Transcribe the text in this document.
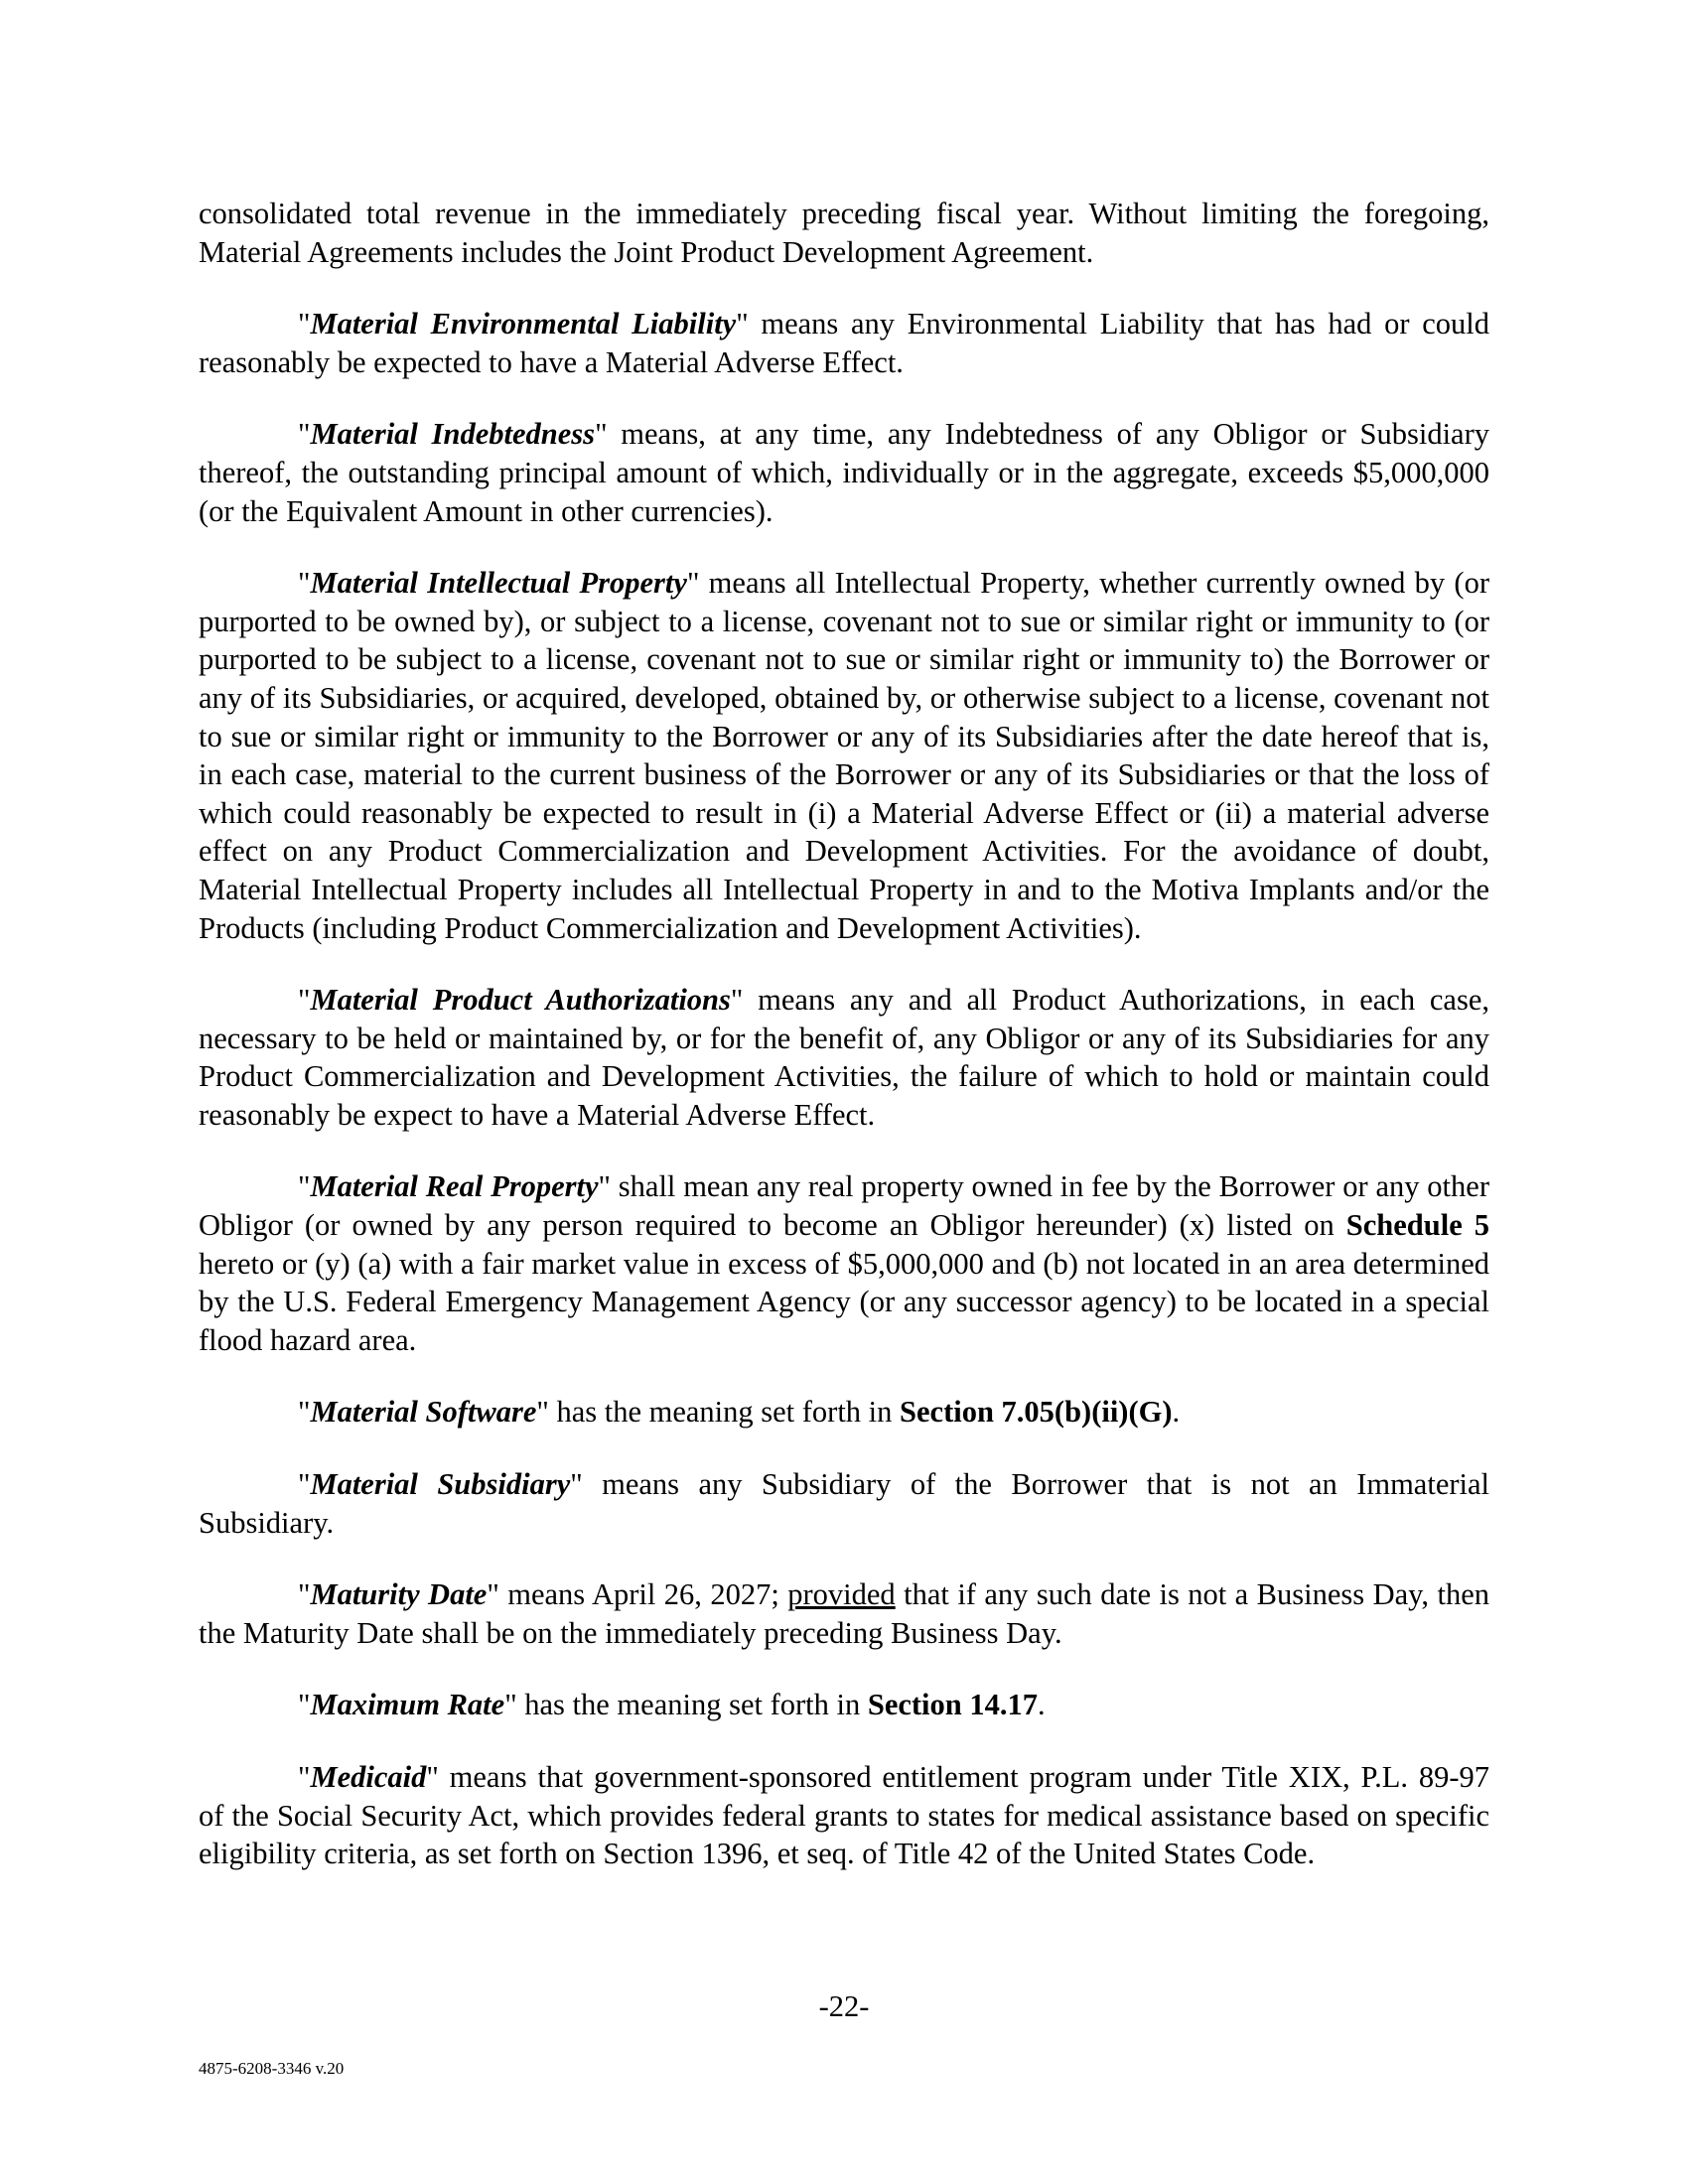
consolidated total revenue in the immediately preceding fiscal year. Without limiting the foregoing, Material Agreements includes the Joint Product Development Agreement.

"Material Environmental Liability" means any Environmental Liability that has had or could reasonably be expected to have a Material Adverse Effect.

"Material Indebtedness" means, at any time, any Indebtedness of any Obligor or Subsidiary thereof, the outstanding principal amount of which, individually or in the aggregate, exceeds $5,000,000 (or the Equivalent Amount in other currencies).

"Material Intellectual Property" means all Intellectual Property, whether currently owned by (or purported to be owned by), or subject to a license, covenant not to sue or similar right or immunity to (or purported to be subject to a license, covenant not to sue or similar right or immunity to) the Borrower or any of its Subsidiaries, or acquired, developed, obtained by, or otherwise subject to a license, covenant not to sue or similar right or immunity to the Borrower or any of its Subsidiaries after the date hereof that is, in each case, material to the current business of the Borrower or any of its Subsidiaries or that the loss of which could reasonably be expected to result in (i) a Material Adverse Effect or (ii) a material adverse effect on any Product Commercialization and Development Activities. For the avoidance of doubt, Material Intellectual Property includes all Intellectual Property in and to the Motiva Implants and/or the Products (including Product Commercialization and Development Activities).

"Material Product Authorizations" means any and all Product Authorizations, in each case, necessary to be held or maintained by, or for the benefit of, any Obligor or any of its Subsidiaries for any Product Commercialization and Development Activities, the failure of which to hold or maintain could reasonably be expect to have a Material Adverse Effect.

"Material Real Property" shall mean any real property owned in fee by the Borrower or any other Obligor (or owned by any person required to become an Obligor hereunder) (x) listed on Schedule 5 hereto or (y) (a) with a fair market value in excess of $5,000,000 and (b) not located in an area determined by the U.S. Federal Emergency Management Agency (or any successor agency) to be located in a special flood hazard area.

"Material Software" has the meaning set forth in Section 7.05(b)(ii)(G).

"Material Subsidiary" means any Subsidiary of the Borrower that is not an Immaterial Subsidiary.

"Maturity Date" means April 26, 2027; provided that if any such date is not a Business Day, then the Maturity Date shall be on the immediately preceding Business Day.

"Maximum Rate" has the meaning set forth in Section 14.17.

"Medicaid" means that government-sponsored entitlement program under Title XIX, P.L. 89-97 of the Social Security Act, which provides federal grants to states for medical assistance based on specific eligibility criteria, as set forth on Section 1396, et seq. of Title 42 of the United States Code.

-22-
4875-6208-3346 v.20
